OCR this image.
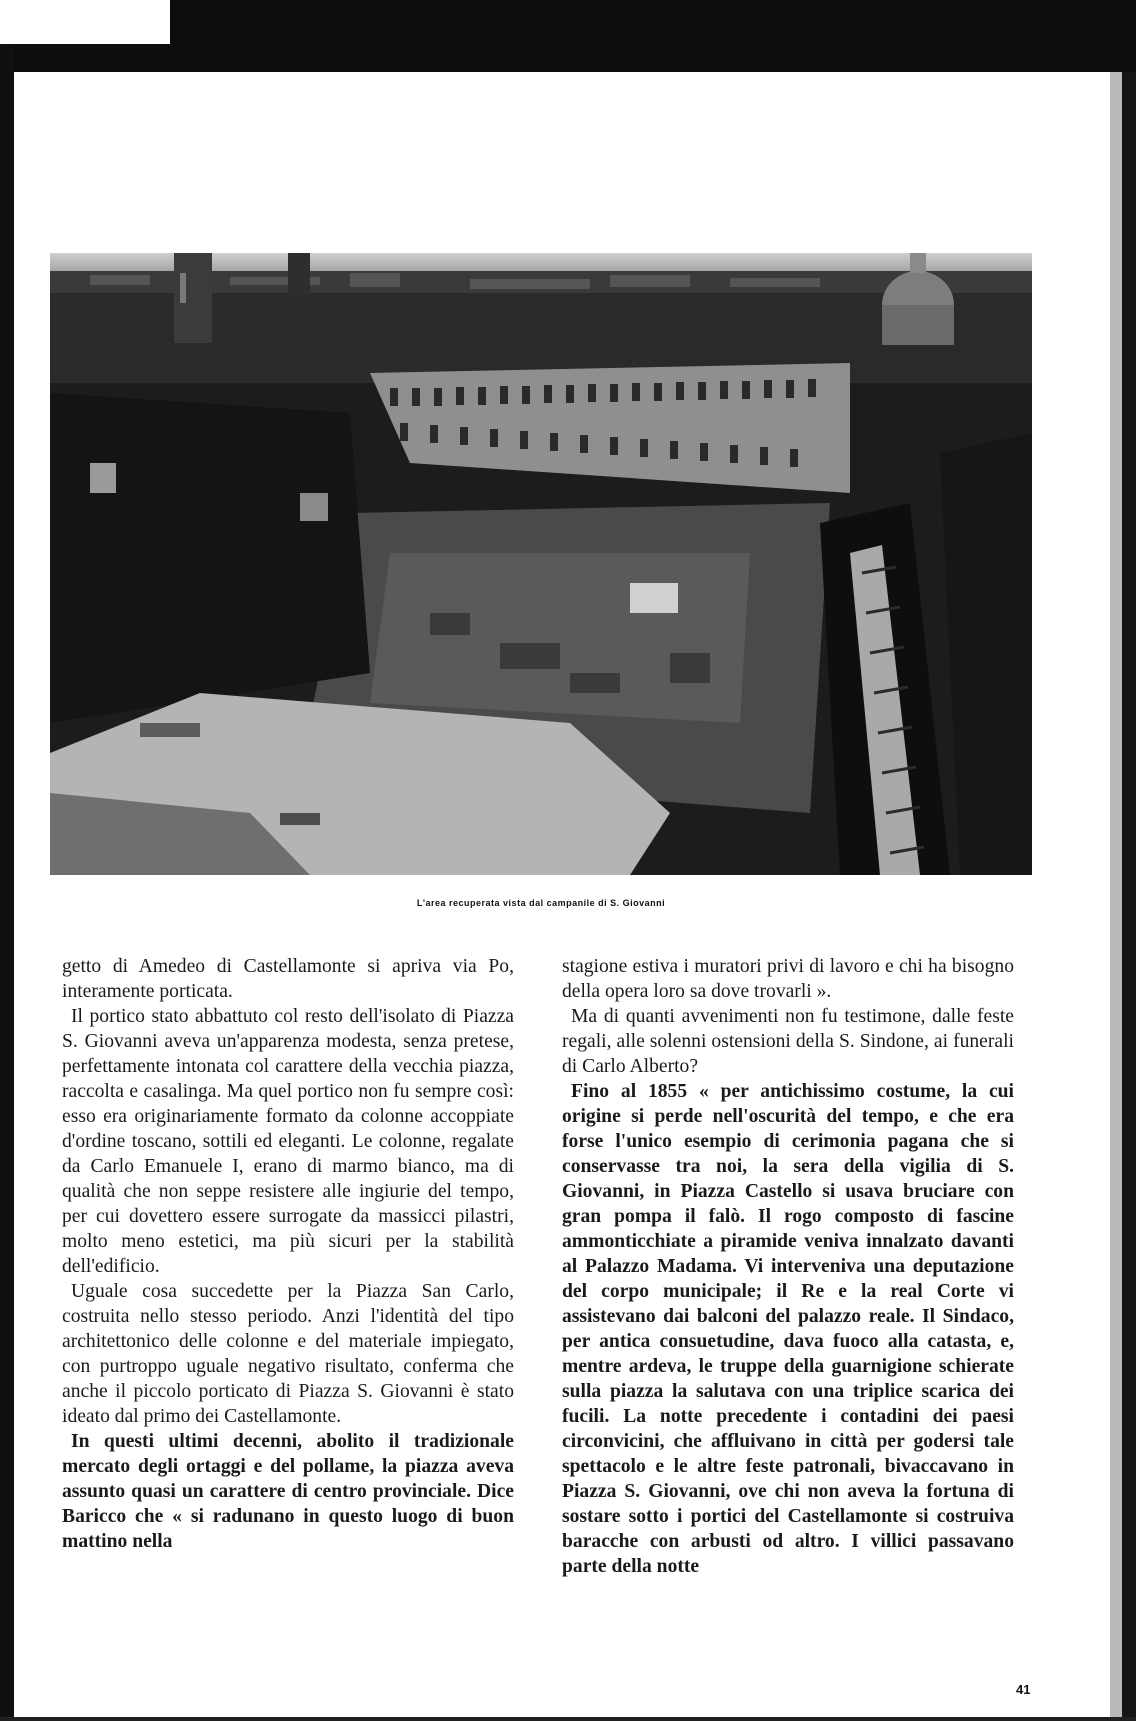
L'area recuperata vista dal campanile di S. Giovanni

getto di Amedeo di Castellamonte si apriva via Po, interamente porticata.

Il portico stato abbattuto col resto dell'isolato di Piazza S. Giovanni aveva un'apparenza modesta, senza pretese, perfettamente intonata col carattere della vecchia piazza, raccolta e casalinga. Ma quel portico non fu sempre così: esso era originariamente formato da colonne accoppiate d'ordine toscano, sottili ed eleganti. Le colonne, regalate da Carlo Emanuele I, erano di marmo bianco, ma di qualità che non seppe resistere alle ingiurie del tempo, per cui dovettero essere surrogate da massicci pilastri, molto meno estetici, ma più sicuri per la stabilità dell'edificio.

Uguale cosa succedette per la Piazza San Carlo, costruita nello stesso periodo. Anzi l'identità del tipo architettonico delle colonne e del materiale impiegato, con purtroppo uguale negativo risultato, conferma che anche il piccolo porticato di Piazza S. Giovanni è stato ideato dal primo dei Castellamonte.

In questi ultimi decenni, abolito il tradizionale mercato degli ortaggi e del pollame, la piazza aveva assunto quasi un carattere di centro provinciale. Dice Baricco che « si radunano in questo luogo di buon mattino nella

stagione estiva i muratori privi di lavoro e chi ha bisogno della opera loro sa dove trovarli ».

Ma di quanti avvenimenti non fu testimone, dalle feste regali, alle solenni ostensioni della S. Sindone, ai funerali di Carlo Alberto?

Fino al 1855 « per antichissimo costume, la cui origine si perde nell'oscurità del tempo, e che era forse l'unico esempio di cerimonia pagana che si conservasse tra noi, la sera della vigilia di S. Giovanni, in Piazza Castello si usava bruciare con gran pompa il falò. Il rogo composto di fascine ammonticchiate a piramide veniva innalzato davanti al Palazzo Madama. Vi interveniva una deputazione del corpo municipale; il Re e la real Corte vi assistevano dai balconi del palazzo reale. Il Sindaco, per antica consuetudine, dava fuoco alla catasta, e, mentre ardeva, le truppe della guarnigione schierate sulla piazza la salutava con una triplice scarica dei fucili. La notte precedente i contadini dei paesi circonvicini, che affluivano in città per godersi tale spettacolo e le altre feste patronali, bivaccavano in Piazza S. Giovanni, ove chi non aveva la fortuna di sostare sotto i portici del Castellamonte si costruiva baracche con arbusti od altro. I villici passavano parte della notte

41
